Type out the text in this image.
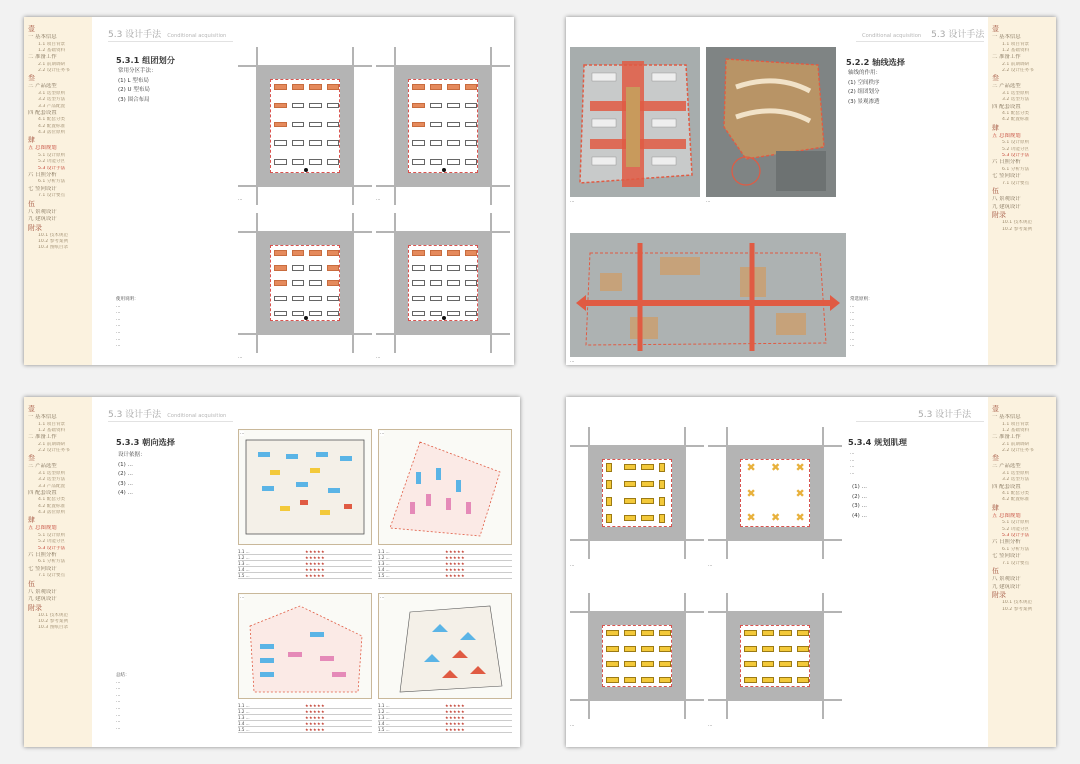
壹
一 基本信息
1.1 项目背景
1.2 基础资料
二 准备工作
2.1 前期调研
2.2 设计任务书
叁
三 产品选型
3.1 选型原则
3.2 选型方法
3.3 产品配置
四 配套设置
4.1 配套分类
4.2 配置标准
4.3 落位原则
肆
五 总图规划
5.1 设计原则
5.2 功能分区
5.3 设计手法
六 日照分析
6.1 分析方法
七 竖向设计
7.1 设计要点
伍
八 景观设计
九 建筑设计
附录
10.1 技术规范
10.2 参考案例
10.3 图纸目录
5.3 设计手法 Conditional acquisition
5.3.1 组团划分
常用分区手法：
(1) L 型布局
(2) U 型布局
(3) 围合布局
使用说明：
…
…
…
…
…
…
…
…	…
…	…
壹
一 基本信息
1.1 项目背景
1.2 基础资料
二 准备工作
2.1 前期调研
2.2 设计任务书
叁
三 产品选型
3.1 选型原则
3.2 选型方法
四 配套设置
4.1 配套分类
4.2 配置标准
肆
五 总图规划
5.1 设计原则
5.2 功能分区
5.3 设计手法
六 日照分析
6.1 分析方法
七 竖向设计
7.1 设计要点
伍
八 景观设计
九 建筑设计
附录
10.1 技术规范
10.2 参考案例
Conditional acquisition 5.3 设计手法
…	…
5.2.2 轴线选择
轴线的作用：
(1) 空间秩序
(2) 组团划分
(3) 景观渗透
…
常选原则：
…
…
…
…
…
…
…
壹
一 基本信息
1.1 项目背景
1.2 基础资料
二 准备工作
2.1 前期调研
2.2 设计任务书
叁
三 产品选型
3.1 选型原则
3.2 选型方法
3.3 产品配置
四 配套设置
4.1 配套分类
4.2 配置标准
4.3 落位原则
肆
五 总图规划
5.1 设计原则
5.2 功能分区
5.3 设计手法
六 日照分析
6.1 分析方法
七 竖向设计
7.1 设计要点
伍
八 景观设计
九 建筑设计
附录
10.1 技术规范
10.2 参考案例
10.3 图纸目录
5.3 设计手法 Conditional acquisition
5.3.3 朝向选择
设计依据：
(1) …
(2) …
(3) …
(4) …
总结：
…
…
…
…
…
…
…
…
…	…
1.1 …	★★★★★
1.2 …	★★★★★
1.3 …	★★★★★
1.4 …	★★★★★
1.5 …	★★★★★
1.1 …	★★★★★
1.2 …	★★★★★
1.3 …	★★★★★
1.4 …	★★★★★
1.5 …	★★★★★
…	…
1.1 …	★★★★★
1.2 …	★★★★★
1.3 …	★★★★★
1.4 …	★★★★★
1.5 …	★★★★★
1.1 …	★★★★★
1.2 …	★★★★★
1.3 …	★★★★★
1.4 …	★★★★★
1.5 …	★★★★★
壹
一 基本信息
1.1 项目背景
1.2 基础资料
二 准备工作
2.1 前期调研
2.2 设计任务书
叁
三 产品选型
3.1 选型原则
3.2 选型方法
四 配套设置
4.1 配套分类
4.2 配置标准
肆
五 总图规划
5.1 设计原则
5.2 功能分区
5.3 设计手法
六 日照分析
6.1 分析方法
七 竖向设计
7.1 设计要点
伍
八 景观设计
九 建筑设计
附录
10.1 技术规范
10.2 参考案例
5.3 设计手法
✖ ✖ ✖
✖	✖
✖ ✖ ✖
…	…
…	…
5.3.4 规划肌理
…
…
…
…
(1) …
(2) …
(3) …
(4) …
